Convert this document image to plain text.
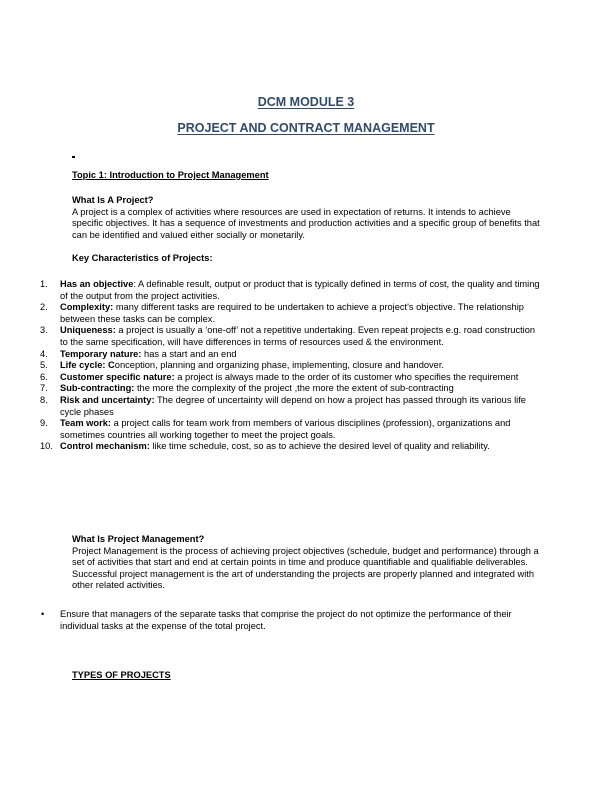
DCM MODULE 3
PROJECT AND CONTRACT MANAGEMENT
Topic 1: Introduction to Project Management
What Is A Project?
A project is a complex of activities where resources are used in expectation of returns. It intends to achieve specific objectives. It has a sequence of investments and production activities and a specific group of benefits that can be identified and valued either socially or monetarily.
Key Characteristics of Projects:
1.	Has an objective: A definable result, output or product that is typically defined in terms of cost, the quality and timing of the output from the project activities.
2.	Complexity: many different tasks are required to be undertaken to achieve a project's objective. The relationship between these tasks can be complex.
3.	Uniqueness: a project is usually a ‘one-off’ not a repetitive undertaking. Even repeat projects e.g. road construction to the same specification, will have differences in terms of resources used & the environment.
4.	Temporary nature: has a start and an end
5.	Life cycle: Conception, planning and organizing phase, implementing, closure and handover.
6.	Customer specific nature: a project is always made to the order of its customer who specifies the requirement
7.	Sub-contracting: the more the complexity of the project ,the more the extent of sub-contracting
8.	Risk and uncertainty: The degree of uncertainty will depend on how a project has passed through its various life cycle phases
9.	Team work: a project calls for team work from members of various disciplines (profession), organizations and sometimes countries all working together to meet the project goals.
10. Control mechanism: like time schedule, cost, so as to achieve the desired level of quality and reliability.
What Is Project Management?
Project Management is the process of achieving project objectives (schedule, budget and performance) through a set of activities that start and end at certain points in time and produce quantifiable and qualifiable deliverables. Successful project management is the art of understanding the projects are properly planned and integrated with other related activities.
• Ensure that managers of the separate tasks that comprise the project do not optimize the performance of their individual tasks at the expense of the total project.
TYPES OF PROJECTS
